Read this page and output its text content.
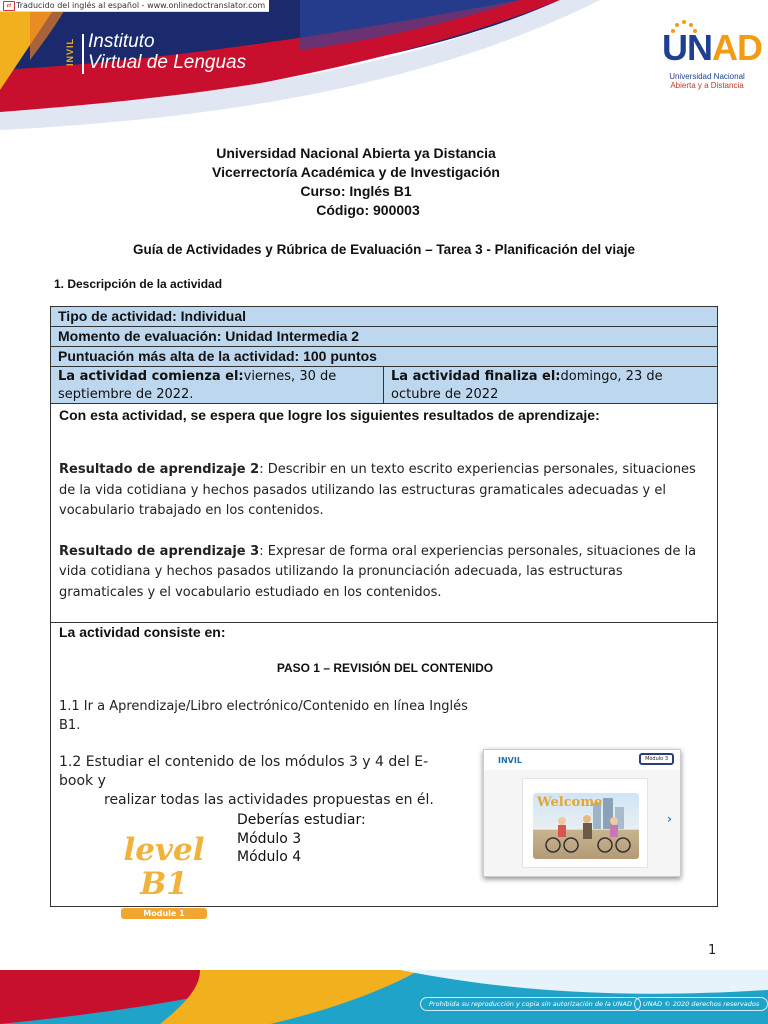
⇄ Traducido del inglés al español - www.onlinedoctranslator.com
INVIL Instituto
Virtual de Lenguas	UNAD
Universidad Nacional
Abierta y a Distancia
Universidad Nacional Abierta ya Distancia
Vicerrectoría Académica y de Investigación
Curso: Inglés B1
Código: 900003
Guía de Actividades y Rúbrica de Evaluación – Tarea 3 - Planificación del viaje
1. Descripción de la actividad
Tipo de actividad: Individual
Momento de evaluación: Unidad Intermedia 2
Puntuación más alta de la actividad: 100 puntos
La actividad comienza el:viernes, 30 de septiembre de 2022.
La actividad finaliza el:domingo, 23 de octubre de 2022
Con esta actividad, se espera que logre los siguientes resultados de aprendizaje:
Resultado de aprendizaje 2: Describir en un texto escrito experiencias personales, situaciones de la vida cotidiana y hechos pasados utilizando las estructuras gramaticales adecuadas y el vocabulario trabajado en los contenidos.
Resultado de aprendizaje 3: Expresar de forma oral experiencias personales, situaciones de la vida cotidiana y hechos pasados utilizando la pronunciación adecuada, las estructuras gramaticales y el vocabulario estudiado en los contenidos.
La actividad consiste en:
PASO 1 – REVISIÓN DEL CONTENIDO
1.1 Ir a Aprendizaje/Libro electrónico/Contenido en línea Inglés B1.
1.2 Estudiar el contenido de los módulos 3 y 4 del E-book y
realizar todas las actividades propuestas en él.
Deberías estudiar:
Módulo 3
Módulo 4
level B1
Module 1
INVIL	Módulo 3
Welcome
›
1
Prohibida su reproducción y copia sin autorización de la UNAD	UNAD © 2020 derechos reservados
